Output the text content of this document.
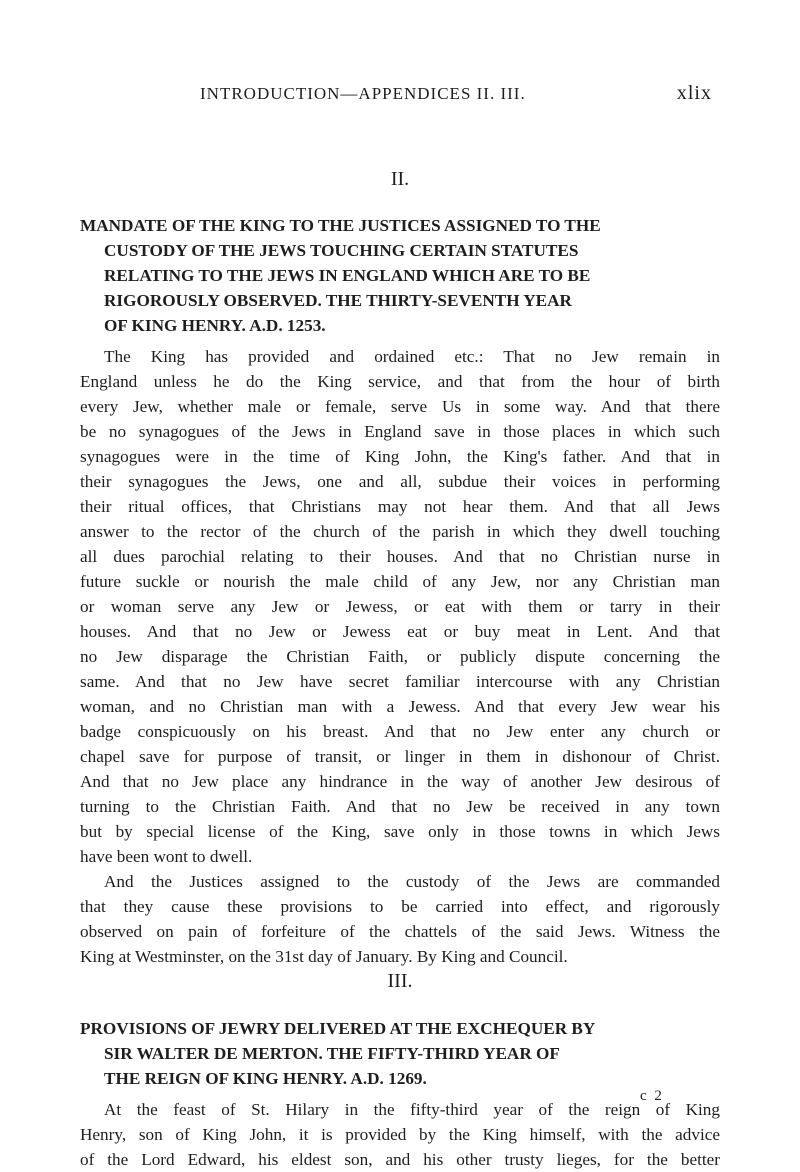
INTRODUCTION—APPENDICES II. III.	xlix
II.
MANDATE OF THE KING TO THE JUSTICES ASSIGNED TO THE
CUSTODY OF THE JEWS TOUCHING CERTAIN STATUTES
RELATING TO THE JEWS IN ENGLAND WHICH ARE TO BE
RIGOROUSLY OBSERVED. THE THIRTY-SEVENTH YEAR
OF KING HENRY. A.D. 1253.
The King has provided and ordained etc.: That no Jew remain in
England unless he do the King service, and that from the hour of birth
every Jew, whether male or female, serve Us in some way. And that there
be no synagogues of the Jews in England save in those places in which such
synagogues were in the time of King John, the King's father. And that in
their synagogues the Jews, one and all, subdue their voices in performing
their ritual offices, that Christians may not hear them. And that all Jews
answer to the rector of the church of the parish in which they dwell touching
all dues parochial relating to their houses. And that no Christian nurse in
future suckle or nourish the male child of any Jew, nor any Christian man
or woman serve any Jew or Jewess, or eat with them or tarry in their
houses. And that no Jew or Jewess eat or buy meat in Lent. And that
no Jew disparage the Christian Faith, or publicly dispute concerning the
same. And that no Jew have secret familiar intercourse with any Christian
woman, and no Christian man with a Jewess. And that every Jew wear his
badge conspicuously on his breast. And that no Jew enter any church or
chapel save for purpose of transit, or linger in them in dishonour of Christ.
And that no Jew place any hindrance in the way of another Jew desirous of
turning to the Christian Faith. And that no Jew be received in any town
but by special license of the King, save only in those towns in which Jews
have been wont to dwell.
And the Justices assigned to the custody of the Jews are commanded
that they cause these provisions to be carried into effect, and rigorously
observed on pain of forfeiture of the chattels of the said Jews. Witness the
King at Westminster, on the 31st day of January. By King and Council.
III.
PROVISIONS OF JEWRY DELIVERED AT THE EXCHEQUER BY
SIR WALTER DE MERTON. THE FIFTY-THIRD YEAR OF
THE REIGN OF KING HENRY. A.D. 1269.
At the feast of St. Hilary in the fifty-third year of the reign of King
Henry, son of King John, it is provided by the King himself, with the advice
of the Lord Edward, his eldest son, and his other trusty lieges, for the better
c 2
